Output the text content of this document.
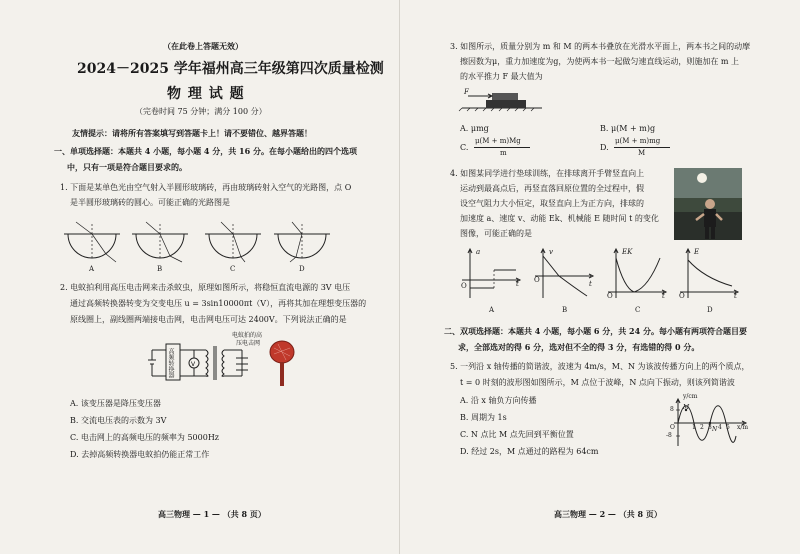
（在此卷上答题无效）
2024－2025 学年福州高三年级第四次质量检测
物 理 试 题
（完卷时间 75 分钟；满分 100 分）
友情提示：请将所有答案填写到答题卡上！请不要错位、越界答题！
一、单项选择题：本题共 4 小题，每小题 4 分，共 16 分。在每小题给出的四个选项
中，只有一项是符合题目要求的。
1. 下面是某单色光由空气射入半圆形玻璃砖，再由玻璃砖射入空气的光路图，点 O
是半圆形玻璃砖的圆心。可能正确的光路图是
A	B	C	D
2. 电蚊拍利用高压电击网来击杀蚊虫，原理如图所示，将稳恒直流电源的 3V 电压
通过高频转换器转变为交变电压 u = 3sin10000πt（V），再将其加在理想变压器的
原线圈上，副线圈两端接电击网，电击网电压可达 2400V。下列说法正确的是
V
高频转换器
电蚊拍的高
压电击网
A. 该变压器是降压变压器
B. 交流电压表的示数为 3V
C. 电击网上的高频电压的频率为 5000Hz
D. 去掉高频转换器电蚊拍仍能正常工作
高三物理 — 1 — （共 8 页）
3. 如图所示，质量分别为 m 和 M 的两本书叠放在光滑水平面上，两本书之间的动摩
擦因数为μ，重力加速度为g，为使两本书一起做匀速直线运动，则施加在 m 上
的水平推力 F 最大值为
F
A. μmg	B. μ(M + m)g
C.
μ(M + m)Mg
m
D.
μ(M + m)mg
M
4. 如图某同学进行垫球训练，在排球离开手臂竖直向上
运动到最高点后，再竖直落回原位置的全过程中，假
设空气阻力大小恒定，取竖直向上为正方向，排球的
加速度 a、速度 v、动能 Ek、机械能 E 随时间 t 的变化
图像，可能正确的是
a
t
O
A
v
t
O
B
EK
t
O
C
E
t
O
D
二、双项选择题：本题共 4 小题，每小题 6 分，共 24 分。每小题有两项符合题目要
求，全部选对的得 6 分，选对但不全的得 3 分，有选错的得 0 分。
5. 一列沿 x 轴传播的简谐波，波速为 4m/s，M、N 为该波传播方向上的两个质点，
t = 0 时刻的波形图如图所示，M 点位于波峰，N 点向下振动，则该列简谐波
A. 沿 x 轴负方向传播
B. 周期为 1s
C. N 点比 M 点先回到平衡位置
D. 经过 2s，M 点通过的路程为 64cm
y/cm
x/m
8
-8
O
M
N
1 2 3 4 5
高三物理 — 2 — （共 8 页）
